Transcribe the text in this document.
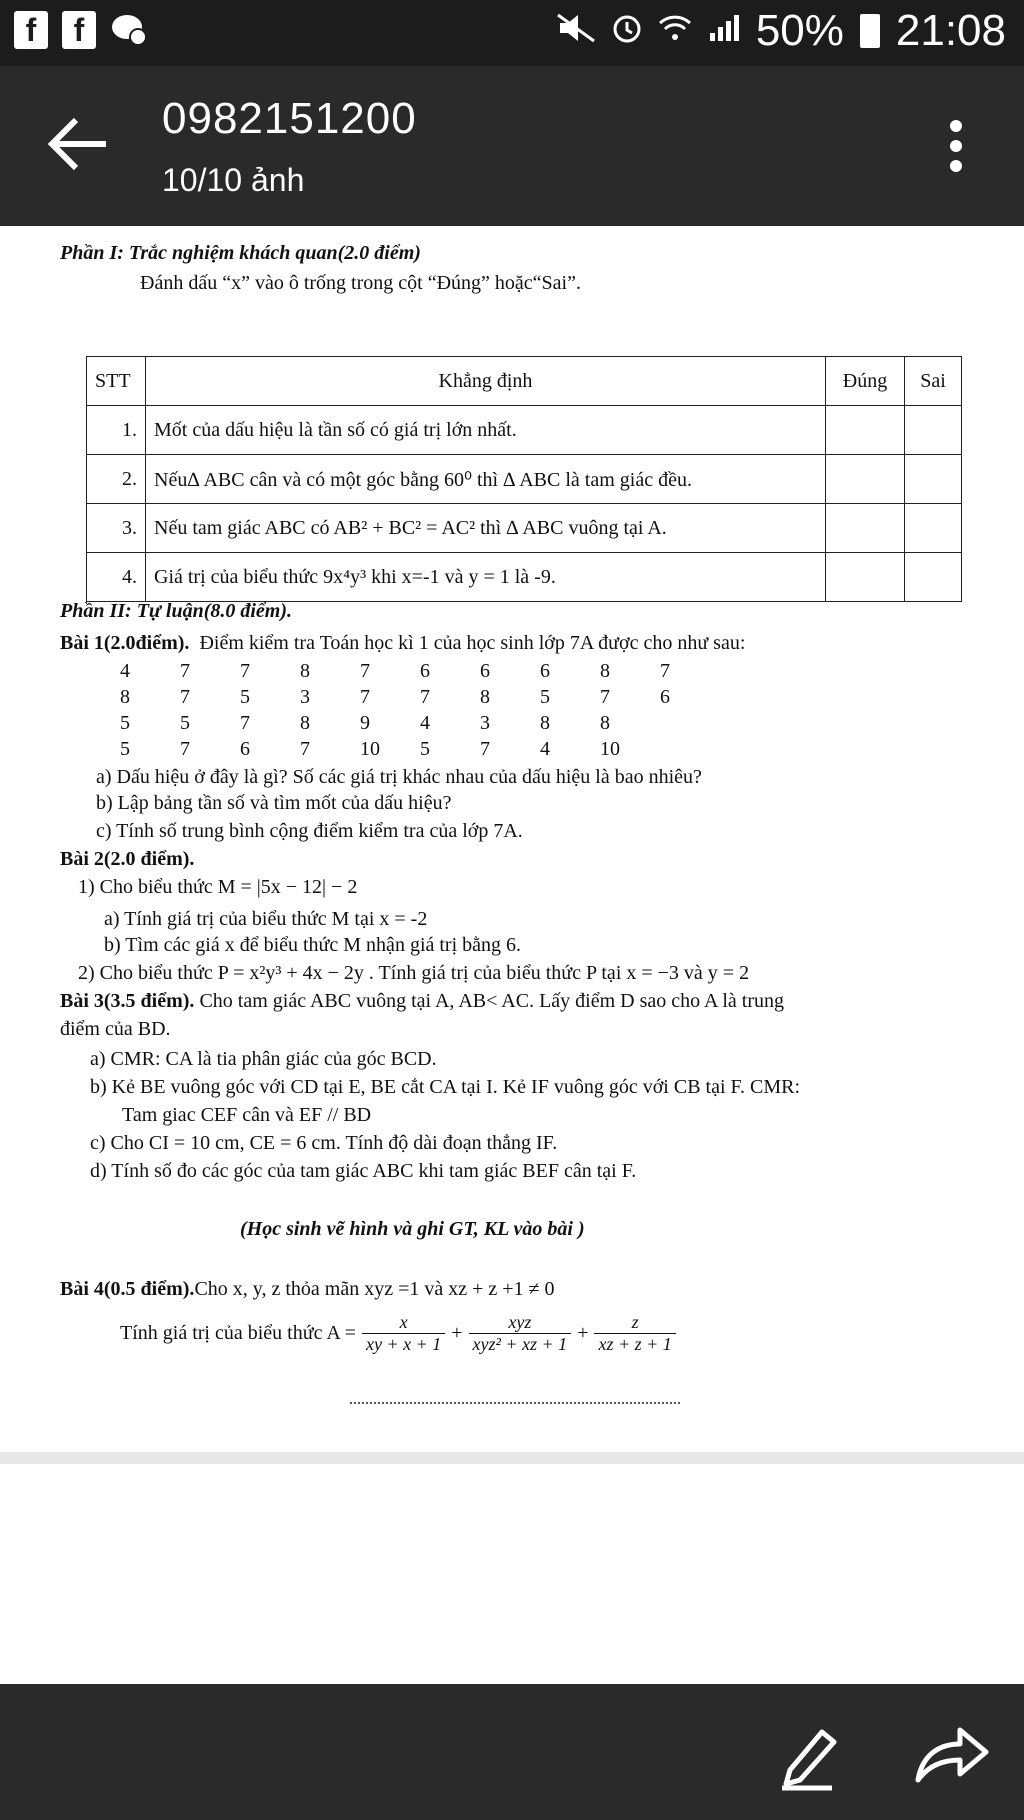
f	f	50% 21:08
0982151200
10/10 ảnh
Phần I: Trắc nghiệm khách quan(2.0 điểm)
Đánh dấu “x” vào ô trống trong cột “Đúng” hoặc“Sai”.
STT	Khẳng định	Đúng	Sai
1.	Mốt của dấu hiệu là tần số có giá trị lớn nhất.		
2.	Nếu∆ ABC cân và có một góc bằng 60⁰ thì ∆ ABC là tam giác đều.		
3.	Nếu tam giác ABC có AB² + BC² = AC² thì ∆ ABC vuông tại A.		
4.	Giá trị của biểu thức 9x⁴y³ khi x=-1 và y = 1 là -9.		
Phần II: Tự luận(8.0 điểm).
Bài 1(2.0điểm). Điểm kiểm tra Toán học kì 1 của học sinh lớp 7A được cho như sau:
4	7	7	8	7	6	6	6	8	7
8	7	5	3	7	7	8	5	7	6
5	5	7	8	9	4	3	8	8
5	7	6	7	10 5	7	4	10
a) Dấu hiệu ở đây là gì? Số các giá trị khác nhau của dấu hiệu là bao nhiêu?
b) Lập bảng tần số và tìm mốt của dấu hiệu?
c) Tính số trung bình cộng điểm kiểm tra của lớp 7A.
Bài 2(2.0 điểm).
1) Cho biểu thức M = |5x − 12| − 2
a) Tính giá trị của biểu thức M tại x = -2
b) Tìm các giá x để biểu thức M nhận giá trị bằng 6.
2) Cho biểu thức P = x²y³ + 4x − 2y . Tính giá trị của biểu thức P tại x = −3 và y = 2
Bài 3(3.5 điểm). Cho tam giác ABC vuông tại A, AB< AC. Lấy điểm D sao cho A là trung
điểm của BD.
a) CMR: CA là tia phân giác của góc BCD.
b) Kẻ BE vuông góc với CD tại E, BE cắt CA tại I. Kẻ IF vuông góc với CB tại F. CMR:
Tam giac CEF cân và EF // BD
c) Cho CI = 10 cm, CE = 6 cm. Tính độ dài đoạn thẳng IF.
d) Tính số đo các góc của tam giác ABC khi tam giác BEF cân tại F.
(Học sinh vẽ hình và ghi GT, KL vào bài )
Bài 4(0.5 điểm).Cho x, y, z thỏa mãn xyz =1 và xz + z +1 ≠ 0
Tính giá trị của biểu thức $A = \frac{x}{xy + x + 1} + \frac{\text{xyz}}{\text{xyz² + xz + 1}} + \frac{z}{xz + z + 1}$
